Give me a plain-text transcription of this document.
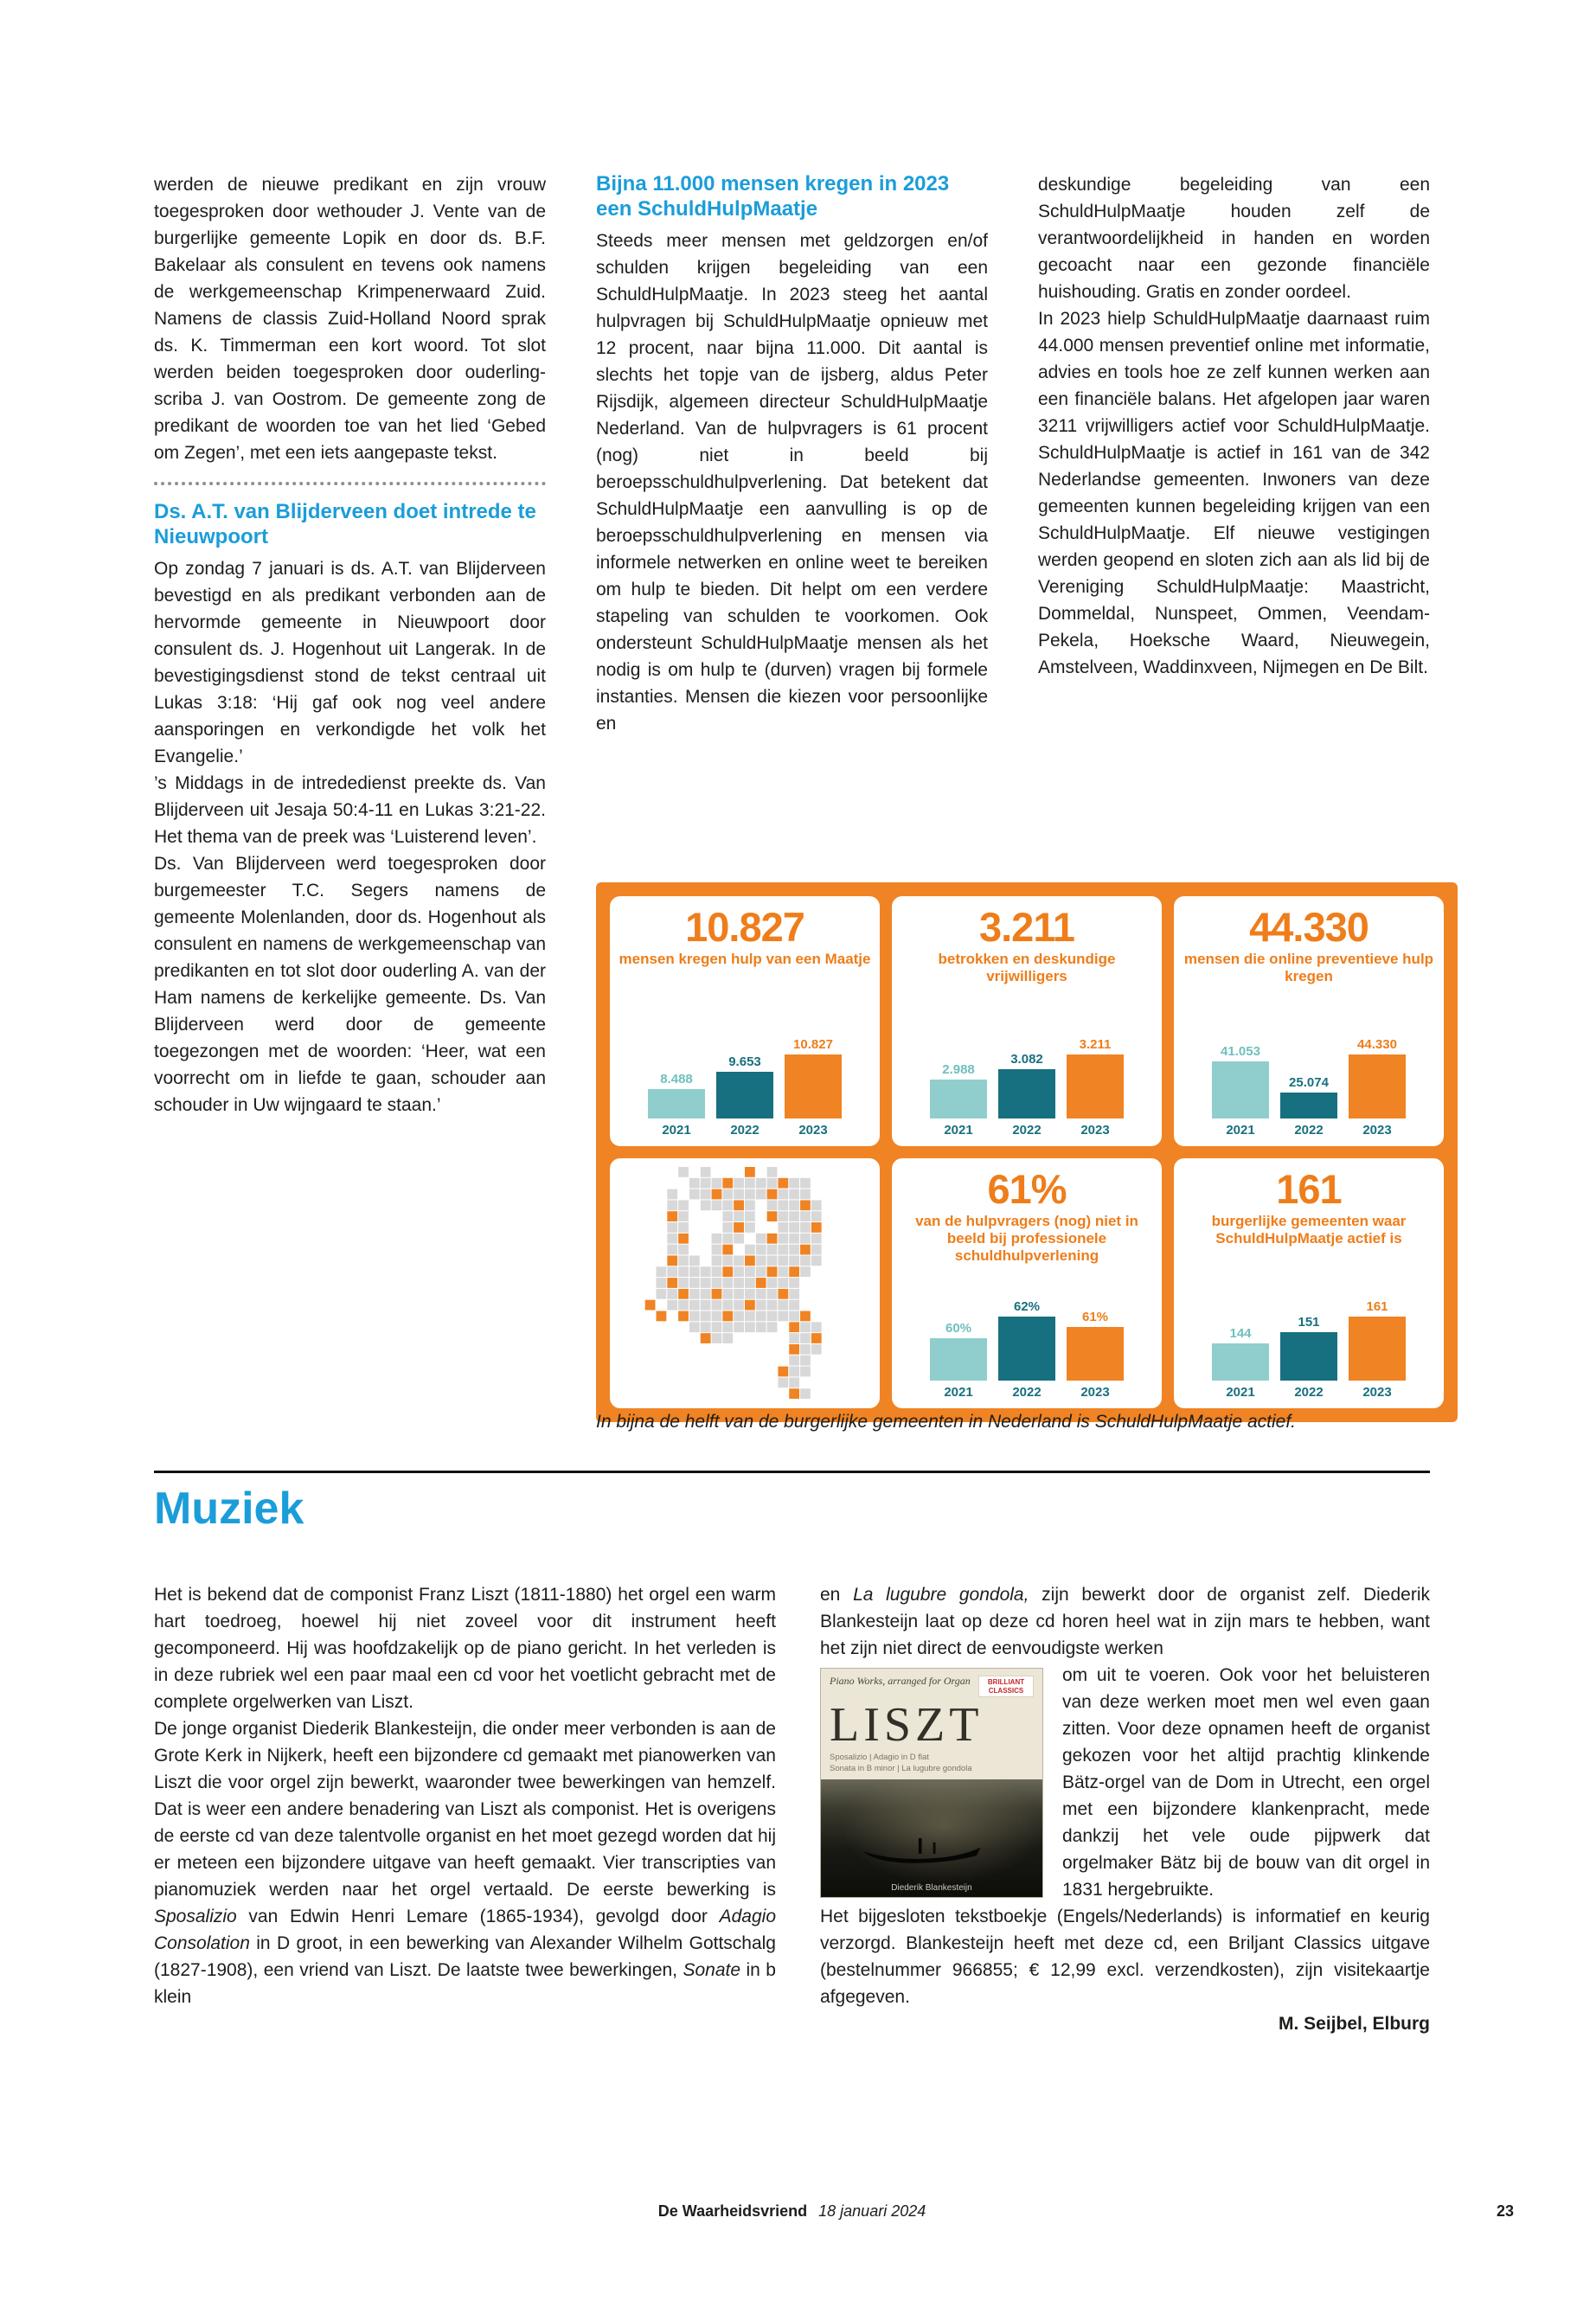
werden de nieuwe predikant en zijn vrouw toegesproken door wethouder J. Vente van de burgerlijke gemeente Lopik en door ds. B.F. Bakelaar als consulent en tevens ook namens de werkgemeenschap Krimpenerwaard Zuid. Namens de classis Zuid-Holland Noord sprak ds. K. Timmerman een kort woord. Tot slot werden beiden toegesproken door ouderling-scriba J. van Oostrom. De gemeente zong de predikant de woorden toe van het lied ‘Gebed om Zegen’, met een iets aangepaste tekst.

Ds. A.T. van Blijderveen doet intrede te Nieuwpoort

Op zondag 7 januari is ds. A.T. van Blijderveen bevestigd en als predikant verbonden aan de hervormde gemeente in Nieuwpoort door consulent ds. J. Hogenhout uit Langerak. In de bevestigingsdienst stond de tekst centraal uit Lukas 3:18: ‘Hij gaf ook nog veel andere aansporingen en verkondigde het volk het Evangelie.’

’s Middags in de intrededienst preekte ds. Van Blijderveen uit Jesaja 50:4-11 en Lukas 3:21-22. Het thema van de preek was ‘Luisterend leven’.

Ds. Van Blijderveen werd toegesproken door burgemeester T.C. Segers namens de gemeente Molenlanden, door ds. Hogenhout als consulent en namens de werkgemeenschap van predikanten en tot slot door ouderling A. van der Ham namens de kerkelijke gemeente. Ds. Van Blijderveen werd door de gemeente toegezongen met de woorden: ‘Heer, wat een voorrecht om in liefde te gaan, schouder aan schouder in Uw wijngaard te staan.’

Bijna 11.000 mensen kregen in 2023 een SchuldHulpMaatje

Steeds meer mensen met geldzorgen en/of schulden krijgen begeleiding van een SchuldHulpMaatje. In 2023 steeg het aantal hulpvragen bij SchuldHulpMaatje opnieuw met 12 procent, naar bijna 11.000. Dit aantal is slechts het topje van de ijsberg, aldus Peter Rijsdijk, algemeen directeur SchuldHulpMaatje Nederland. Van de hulpvragers is 61 procent (nog) niet in beeld bij beroepsschuldhulpverlening. Dat betekent dat SchuldHulpMaatje een aanvulling is op de beroepsschuldhulpverlening en mensen via informele netwerken en online weet te bereiken om hulp te bieden. Dit helpt om een verdere stapeling van schulden te voorkomen. Ook ondersteunt SchuldHulpMaatje mensen als het nodig is om hulp te (durven) vragen bij formele instanties. Mensen die kiezen voor persoonlijke en

deskundige begeleiding van een SchuldHulpMaatje houden zelf de verantwoordelijkheid in handen en worden gecoacht naar een gezonde financiële huishouding. Gratis en zonder oordeel.

In 2023 hielp SchuldHulpMaatje daarnaast ruim 44.000 mensen preventief online met informatie, advies en tools hoe ze zelf kunnen werken aan een financiële balans. Het afgelopen jaar waren 3211 vrijwilligers actief voor SchuldHulpMaatje. SchuldHulpMaatje is actief in 161 van de 342 Nederlandse gemeenten. Inwoners van deze gemeenten kunnen begeleiding krijgen van een SchuldHulpMaatje. Elf nieuwe vestigingen werden geopend en sloten zich aan als lid bij de Vereniging SchuldHulpMaatje: Maastricht, Dommeldal, Nunspeet, Ommen, Veendam-Pekela, Hoeksche Waard, Nieuwegein, Amstelveen, Waddinxveen, Nijmegen en De Bilt.

10.827
mensen kregen hulp van een Maatje
8.488
2021
9.653
2022
10.827
2023
3.211
betrokken en deskundige vrijwilligers
2.988
2021
3.082
2022
3.211
2023
44.330
mensen die online preventieve hulp kregen
41.053
2021
25.074
2022
44.330
2023
61%
van de hulpvragers (nog) niet in beeld bij professionele schuldhulpverlening
60%
2021
62%
2022
61%
2023
161
burgerlijke gemeenten waar SchuldHulpMaatje actief is
144
2021
151
2022
161
2023
In bijna de helft van de burgerlijke gemeenten in Nederland is SchuldHulpMaatje actief.
Muziek

Het is bekend dat de componist Franz Liszt (1811-1880) het orgel een warm hart toedroeg, hoewel hij niet zoveel voor dit instrument heeft gecomponeerd. Hij was hoofdzakelijk op de piano gericht. In het verleden is in deze rubriek wel een paar maal een cd voor het voetlicht gebracht met de complete orgelwerken van Liszt.

De jonge organist Diederik Blankesteijn, die onder meer verbonden is aan de Grote Kerk in Nijkerk, heeft een bijzondere cd gemaakt met pianowerken van Liszt die voor orgel zijn bewerkt, waaronder twee bewerkingen van hemzelf. Dat is weer een andere benadering van Liszt als componist. Het is overigens de eerste cd van deze talentvolle organist en het moet gezegd worden dat hij er meteen een bijzondere uitgave van heeft gemaakt. Vier transcripties van pianomuziek werden naar het orgel vertaald. De eerste bewerking is Sposalizio van Edwin Henri Lemare (1865-1934), gevolgd door Adagio Consolation in D groot, in een bewerking van Alexander Wilhelm Gottschalg (1827-1908), een vriend van Liszt. De laatste twee bewerkingen, Sonate in b klein

en La lugubre gondola, zijn bewerkt door de organist zelf. Diederik Blankesteijn laat op deze cd horen heel wat in zijn mars te hebben, want het zijn niet direct de eenvoudigste werken

Piano Works, arranged for Organ	BRILLIANT CLASSICS
LISZT
Sposalizio | Adagio in D flat
Sonata in B minor | La lugubre gondola
Diederik Blankesteijn

om uit te voeren. Ook voor het beluisteren van deze werken moet men wel even gaan zitten. Voor deze opnamen heeft de organist gekozen voor het altijd prachtig klinkende Bätz-orgel van de Dom in Utrecht, een orgel met een bijzondere klankenpracht, mede dankzij het vele oude pijpwerk dat orgelmaker Bätz bij de bouw van dit orgel in 1831 hergebruikte.

Het bijgesloten tekstboekje (Engels/Nederlands) is informatief en keurig verzorgd. Blankesteijn heeft met deze cd, een Briljant Classics uitgave (bestelnummer 966855; € 12,99 excl. verzendkosten), zijn visitekaartje afgegeven.

M. Seijbel, Elburg

De Waarheidsvriend 18 januari 2024	23
